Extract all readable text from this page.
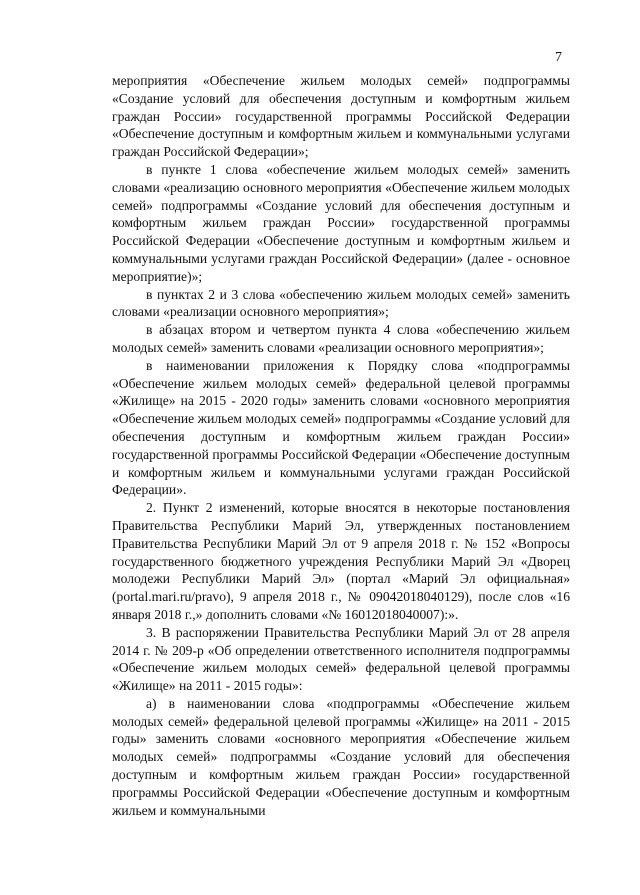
7

мероприятия «Обеспечение жильем молодых семей» подпрограммы «Создание условий для обеспечения доступным и комфортным жильем граждан России» государственной программы Российской Федерации «Обеспечение доступным и комфортным жильем и коммунальными услугами граждан Российской Федерации»;

в пункте 1 слова «обеспечение жильем молодых семей» заменить словами «реализацию основного мероприятия «Обеспечение жильем молодых семей» подпрограммы «Создание условий для обеспечения доступным и комфортным жильем граждан России» государственной программы Российской Федерации «Обеспечение доступным и комфортным жильем и коммунальными услугами граждан Российской Федерации» (далее - основное мероприятие)»;

в пунктах 2 и 3 слова «обеспечению жильем молодых семей» заменить словами «реализации основного мероприятия»;

в абзацах втором и четвертом пункта 4 слова «обеспечению жильем молодых семей» заменить словами «реализации основного мероприятия»;

в наименовании приложения к Порядку слова «подпрограммы «Обеспечение жильем молодых семей» федеральной целевой программы «Жилище» на 2015 - 2020 годы» заменить словами «основного мероприятия «Обеспечение жильем молодых семей» подпрограммы «Создание условий для обеспечения доступным и комфортным жильем граждан России» государственной программы Российской Федерации «Обеспечение доступным и комфортным жильем и коммунальными услугами граждан Российской Федерации».

2. Пункт 2 изменений, которые вносятся в некоторые постановления Правительства Республики Марий Эл, утвержденных постановлением Правительства Республики Марий Эл от 9 апреля 2018 г. № 152 «Вопросы государственного бюджетного учреждения Республики Марий Эл «Дворец молодежи Республики Марий Эл» (портал «Марий Эл официальная» (portal.mari.ru/pravo), 9 апреля 2018 г., № 09042018040129), после слов «16 января 2018 г.,» дополнить словами «№ 16012018040007):».

3. В распоряжении Правительства Республики Марий Эл от 28 апреля 2014 г. № 209-р «Об определении ответственного исполнителя подпрограммы «Обеспечение жильем молодых семей» федеральной целевой программы «Жилище» на 2011 - 2015 годы»:

а) в наименовании слова «подпрограммы «Обеспечение жильем молодых семей» федеральной целевой программы «Жилище» на 2011 - 2015 годы» заменить словами «основного мероприятия «Обеспечение жильем молодых семей» подпрограммы «Создание условий для обеспечения доступным и комфортным жильем граждан России» государственной программы Российской Федерации «Обеспечение доступным и комфортным жильем и коммунальными
